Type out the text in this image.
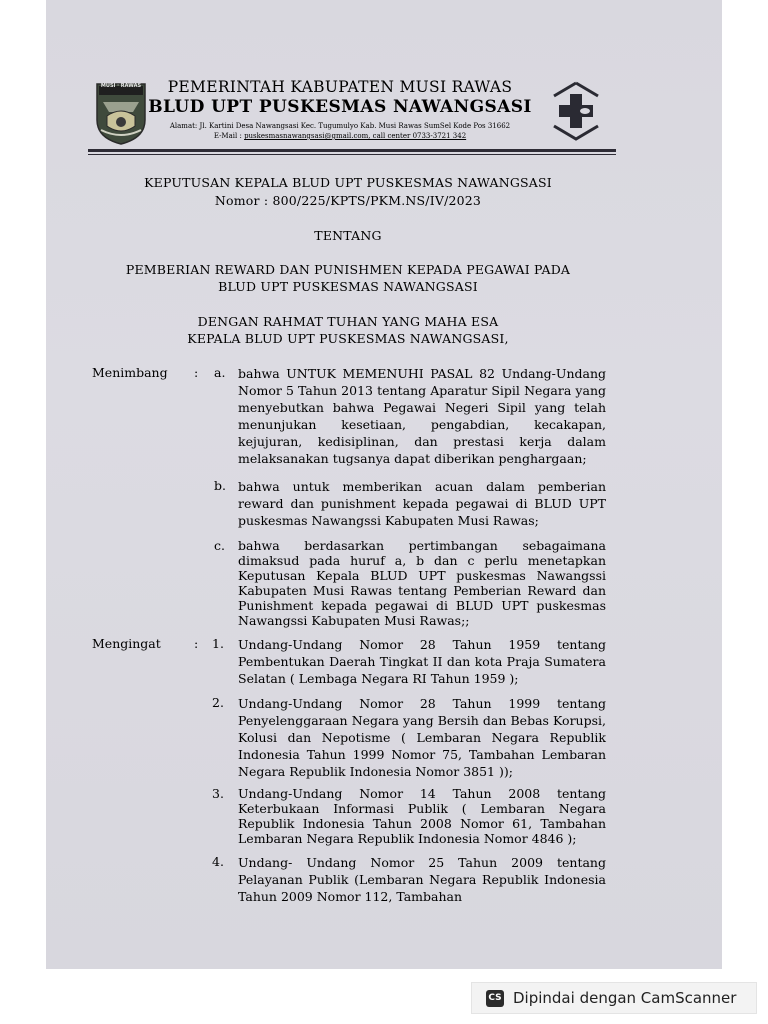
MUSI · RAWAS	PEMERINTAH KABUPATEN MUSI RAWAS
BLUD UPT PUSKESMAS NAWANGSASI
Alamat: Jl. Kartini Desa Nawangsasi Kec. Tugumulyo Kab. Musi Rawas SumSel Kode Pos 31662
E-Mail : puskesmasnawangsasi@gmail.com, call center 0733-3721 342
KEPUTUSAN KEPALA BLUD UPT PUSKESMAS NAWANGSASI
Nomor : 800/225/KPTS/PKM.NS/IV/2023
TENTANG
PEMBERIAN REWARD DAN PUNISHMEN KEPADA PEGAWAI PADA
BLUD UPT PUSKESMAS NAWANGSASI
DENGAN RAHMAT TUHAN YANG MAHA ESA
KEPALA BLUD UPT PUSKESMAS NAWANGSASI,
Menimbang : a. bahwa UNTUK MEMENUHI PASAL 82 Undang-Undang Nomor 5 Tahun 2013 tentang Aparatur Sipil Negara yang menyebutkan bahwa Pegawai Negeri Sipil yang telah menunjukan kesetiaan, pengabdian, kecakapan, kejujuran, kedisiplinan, dan prestasi kerja dalam melaksanakan tugsanya dapat diberikan penghargaan;
b. bahwa untuk memberikan acuan dalam pemberian reward dan punishment kepada pegawai di BLUD UPT puskesmas Nawangssi Kabupaten Musi Rawas;
c. bahwa berdasarkan pertimbangan sebagaimana dimaksud pada huruf a, b dan c perlu menetapkan Keputusan Kepala BLUD UPT puskesmas Nawangssi Kabupaten Musi Rawas tentang Pemberian Reward dan Punishment kepada pegawai di BLUD UPT puskesmas Nawangssi Kabupaten Musi Rawas;;
Mengingat	: 1. Undang-Undang Nomor 28 Tahun 1959 tentang Pembentukan Daerah Tingkat II dan kota Praja Sumatera Selatan ( Lembaga Negara RI Tahun 1959 );
2. Undang-Undang Nomor 28 Tahun 1999 tentang Penyelenggaraan Negara yang Bersih dan Bebas Korupsi, Kolusi dan Nepotisme ( Lembaran Negara Republik Indonesia Tahun 1999 Nomor 75, Tambahan Lembaran Negara Republik Indonesia Nomor 3851 ));
3. Undang-Undang Nomor 14 Tahun 2008 tentang Keterbukaan Informasi Publik ( Lembaran Negara Republik Indonesia Tahun 2008 Nomor 61, Tambahan Lembaran Negara Republik Indonesia Nomor 4846 );
4. Undang- Undang Nomor 25 Tahun 2009 tentang Pelayanan Publik (Lembaran Negara Republik Indonesia Tahun 2009 Nomor 112, Tambahan
CS Dipindai dengan CamScanner
